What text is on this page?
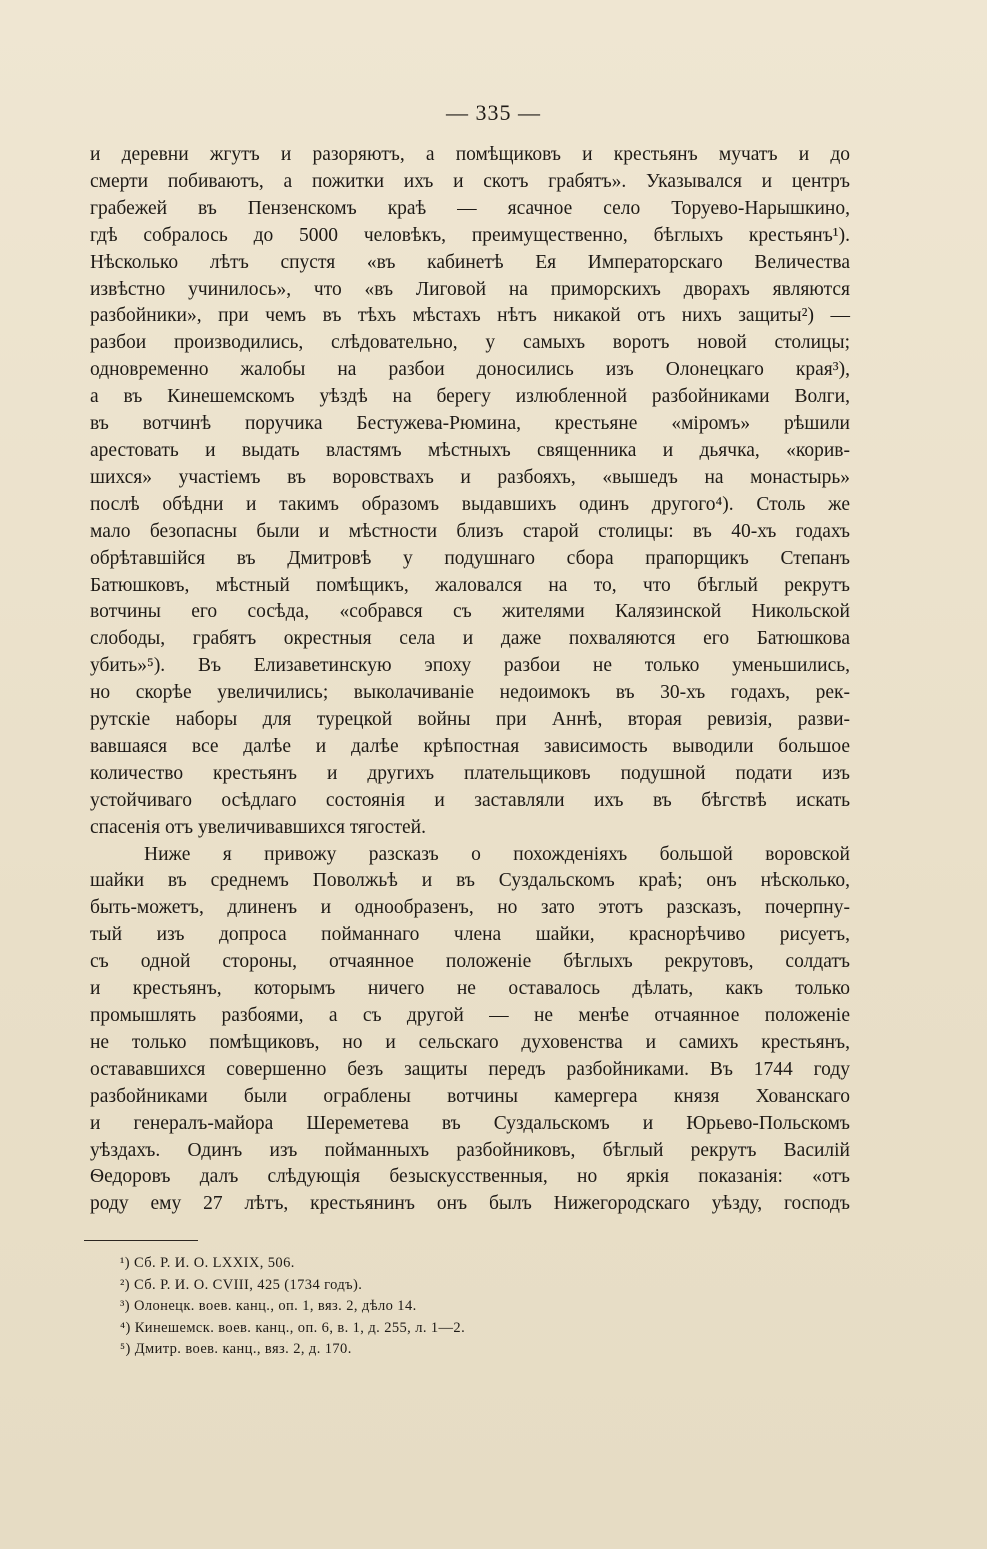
— 335 —

и деревни жгутъ и разоряютъ, а помѣщиковъ и крестьянъ мучатъ и до
смерти побиваютъ, а пожитки ихъ и скотъ грабятъ». Указывался и центръ
грабежей въ Пензенскомъ краѣ — ясачное село Торуево-Нарышкино,
гдѣ собралось до 5000 человѣкъ, преимущественно, бѣглыхъ крестьянъ¹).
Нѣсколько лѣтъ спустя «въ кабинетѣ Ея Императорскаго Величества
извѣстно учинилось», что «въ Лиговой на приморскихъ дворахъ являются
разбойники», при чемъ въ тѣхъ мѣстахъ нѣтъ никакой отъ нихъ защиты²) —
разбои производились, слѣдовательно, у самыхъ воротъ новой столицы;
одновременно жалобы на разбои доносились изъ Олонецкаго края³),
а въ Кинешемскомъ уѣздѣ на берегу излюбленной разбойниками Волги,
въ вотчинѣ поручика Бестужева-Рюмина, крестьяне «міромъ» рѣшили
арестовать и выдать властямъ мѣстныхъ священника и дьячка, «корив-
шихся» участіемъ въ воровствахъ и разбояхъ, «вышедъ на монастырь»
послѣ обѣдни и такимъ образомъ выдавшихъ одинъ другого⁴). Столь же
мало безопасны были и мѣстности близъ старой столицы: въ 40-хъ годахъ
обрѣтавшійся въ Дмитровѣ у подушнаго сбора прапорщикъ Степанъ
Батюшковъ, мѣстный помѣщикъ, жаловался на то, что бѣглый рекрутъ
вотчины его сосѣда, «собрався съ жителями Калязинской Никольской
слободы, грабятъ окрестныя села и даже похваляются его Батюшкова
убить»⁵). Въ Елизаветинскую эпоху разбои не только уменьшились,
но скорѣе увеличились; выколачиваніе недоимокъ въ 30-хъ годахъ, рек-
рутскіе наборы для турецкой войны при Аннѣ, вторая ревизія, разви-
вавшаяся все далѣе и далѣе крѣпостная зависимость выводили большое
количество крестьянъ и другихъ плательщиковъ подушной подати изъ
устойчиваго осѣдлаго состоянія и заставляли ихъ въ бѣгствѣ искать
спасенія отъ увеличивавшихся тягостей.

Ниже я привожу разсказъ о похожденіяхъ большой воровской
шайки въ среднемъ Поволжьѣ и въ Суздальскомъ краѣ; онъ нѣсколько,
быть-можетъ, длиненъ и однообразенъ, но зато этотъ разсказъ, почерпну-
тый изъ допроса пойманнаго члена шайки, краснорѣчиво рисуетъ,
съ одной стороны, отчаянное положеніе бѣглыхъ рекрутовъ, солдатъ
и крестьянъ, которымъ ничего не оставалось дѣлать, какъ только
промышлять разбоями, а съ другой — не менѣе отчаянное положеніе
не только помѣщиковъ, но и сельскаго духовенства и самихъ крестьянъ,
остававшихся совершенно безъ защиты передъ разбойниками. Въ 1744 году
разбойниками были ограблены вотчины камергера князя Хованскаго
и генералъ-майора Шереметева въ Суздальскомъ и Юрьево-Польскомъ
уѣздахъ. Одинъ изъ пойманныхъ разбойниковъ, бѣглый рекрутъ Василій
Ѳедоровъ далъ слѣдующія безыскусственныя, но яркія показанія: «отъ
роду ему 27 лѣтъ, крестьянинъ онъ былъ Нижегородскаго уѣзду, господъ

¹) Сб. Р. И. О. LXXIX, 506.
²) Сб. Р. И. О. CVIII, 425 (1734 годъ).
³) Олонецк. воев. канц., оп. 1, вяз. 2, дѣло 14.
⁴) Кинешемск. воев. канц., оп. 6, в. 1, д. 255, л. 1—2.
⁵) Дмитр. воев. канц., вяз. 2, д. 170.
